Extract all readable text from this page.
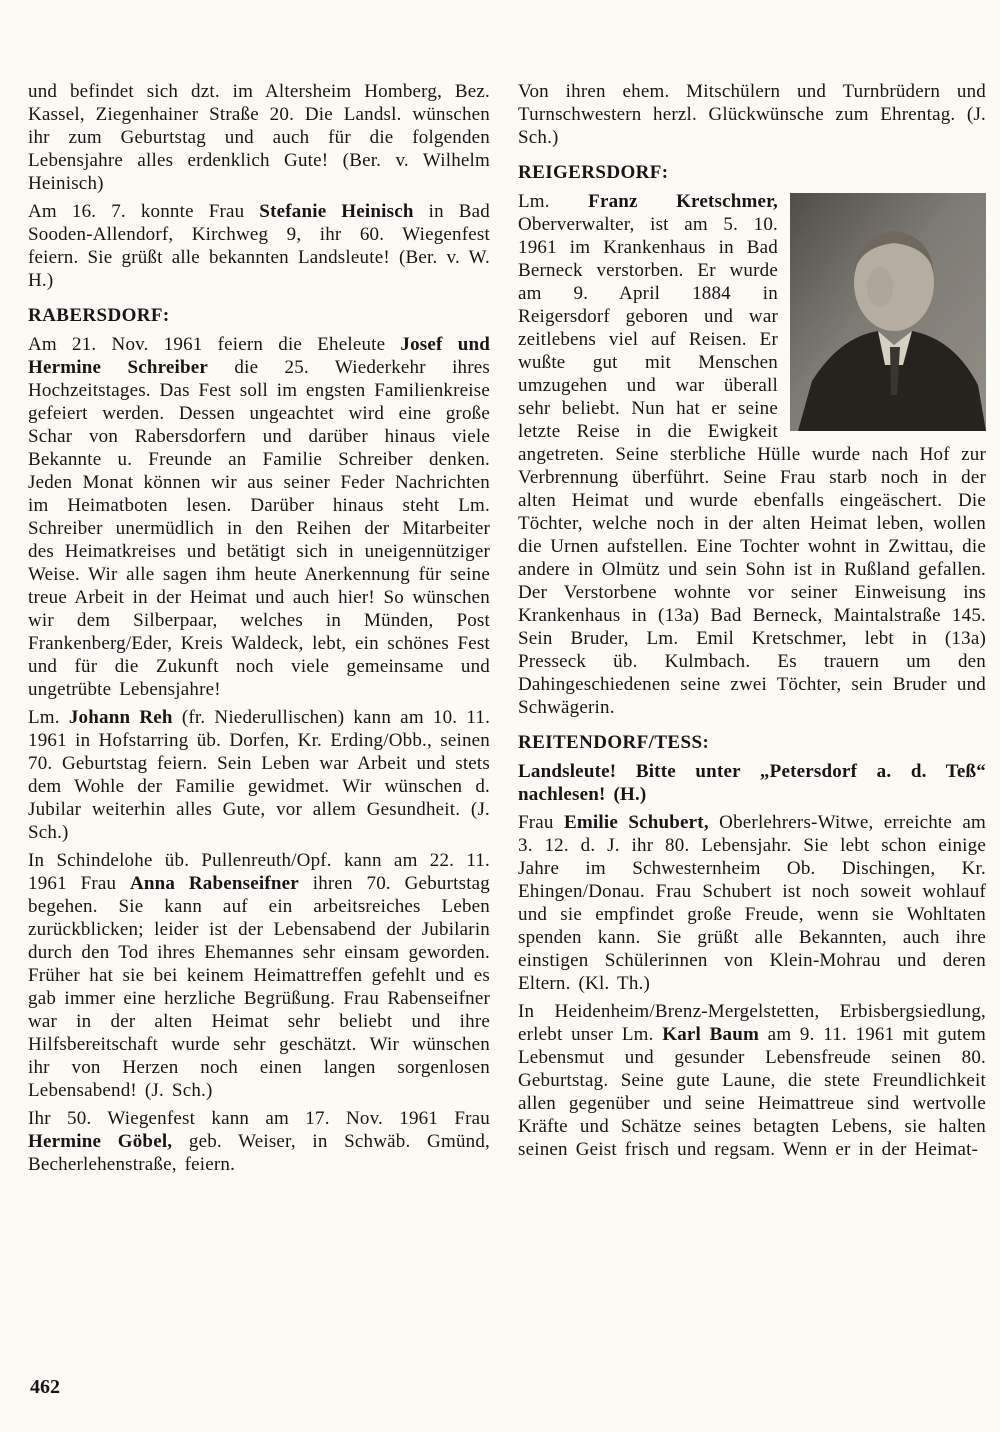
und befindet sich dzt. im Altersheim Homberg, Bez. Kassel, Ziegenhainer Straße 20. Die Landsl. wünschen ihr zum Geburtstag und auch für die folgenden Lebensjahre alles erdenklich Gute! (Ber. v. Wilhelm Heinisch)

Am 16. 7. konnte Frau Stefanie Heinisch in Bad Sooden-Allendorf, Kirchweg 9, ihr 60. Wiegenfest feiern. Sie grüßt alle bekannten Landsleute! (Ber. v. W. H.)

RABERSDORF:

Am 21. Nov. 1961 feiern die Eheleute Josef und Hermine Schreiber die 25. Wiederkehr ihres Hochzeitstages. Das Fest soll im engsten Familienkreise gefeiert werden. Dessen ungeachtet wird eine große Schar von Rabersdorfern und darüber hinaus viele Bekannte u. Freunde an Familie Schreiber denken. Jeden Monat können wir aus seiner Feder Nachrichten im Heimatboten lesen. Darüber hinaus steht Lm. Schreiber unermüdlich in den Reihen der Mitarbeiter des Heimatkreises und betätigt sich in uneigennütziger Weise. Wir alle sagen ihm heute Anerkennung für seine treue Arbeit in der Heimat und auch hier! So wünschen wir dem Silberpaar, welches in Münden, Post Frankenberg/Eder, Kreis Waldeck, lebt, ein schönes Fest und für die Zukunft noch viele gemeinsame und ungetrübte Lebensjahre!

Lm. Johann Reh (fr. Niederullischen) kann am 10. 11. 1961 in Hofstarring üb. Dorfen, Kr. Erding/Obb., seinen 70. Geburtstag feiern. Sein Leben war Arbeit und stets dem Wohle der Familie gewidmet. Wir wünschen d. Jubilar weiterhin alles Gute, vor allem Gesundheit. (J. Sch.)

In Schindelohe üb. Pullenreuth/Opf. kann am 22. 11. 1961 Frau Anna Rabenseifner ihren 70. Geburtstag begehen. Sie kann auf ein arbeitsreiches Leben zurückblicken; leider ist der Lebensabend der Jubilarin durch den Tod ihres Ehemannes sehr einsam geworden. Früher hat sie bei keinem Heimattreffen gefehlt und es gab immer eine herzliche Begrüßung. Frau Rabenseifner war in der alten Heimat sehr beliebt und ihre Hilfsbereitschaft wurde sehr geschätzt. Wir wünschen ihr von Herzen noch einen langen sorgenlosen Lebensabend! (J. Sch.)

Ihr 50. Wiegenfest kann am 17. Nov. 1961 Frau Hermine Göbel, geb. Weiser, in Schwäb. Gmünd, Becherlehenstraße, feiern.

Von ihren ehem. Mitschülern und Turnbrüdern und Turnschwestern herzl. Glückwünsche zum Ehrentag. (J. Sch.)

REIGERSDORF:

Lm. Franz Kretschmer, Oberverwalter, ist am 5. 10. 1961 im Krankenhaus in Bad Berneck verstorben. Er wurde am 9. April 1884 in Reigersdorf geboren und war zeitlebens viel auf Reisen. Er wußte gut mit Menschen umzugehen und war überall sehr beliebt. Nun hat er seine letzte Reise in die Ewigkeit angetreten. Seine sterbliche Hülle wurde nach Hof zur Verbrennung überführt. Seine Frau starb noch in der alten Heimat und wurde ebenfalls eingeäschert. Die Töchter, welche noch in der alten Heimat leben, wollen die Urnen aufstellen. Eine Tochter wohnt in Zwittau, die andere in Olmütz und sein Sohn ist in Rußland gefallen. Der Verstorbene wohnte vor seiner Einweisung ins Krankenhaus in (13a) Bad Berneck, Maintalstraße 145. Sein Bruder, Lm. Emil Kretschmer, lebt in (13a) Presseck üb. Kulmbach. Es trauern um den Dahingeschiedenen seine zwei Töchter, sein Bruder und Schwägerin.

REITENDORF/TESS:

Landsleute! Bitte unter „Petersdorf a. d. Teß“ nachlesen! (H.)

Frau Emilie Schubert, Oberlehrers-Witwe, erreichte am 3. 12. d. J. ihr 80. Lebensjahr. Sie lebt schon einige Jahre im Schwesternheim Ob. Dischingen, Kr. Ehingen/Donau. Frau Schubert ist noch soweit wohlauf und sie empfindet große Freude, wenn sie Wohltaten spenden kann. Sie grüßt alle Bekannten, auch ihre einstigen Schülerinnen von Klein-Mohrau und deren Eltern. (Kl. Th.)

In Heidenheim/Brenz-Mergelstetten, Erbisbergsiedlung, erlebt unser Lm. Karl Baum am 9. 11. 1961 mit gutem Lebensmut und gesunder Lebensfreude seinen 80. Geburtstag. Seine gute Laune, die stete Freundlichkeit allen gegenüber und seine Heimattreue sind wertvolle Kräfte und Schätze seines betagten Lebens, sie halten seinen Geist frisch und regsam. Wenn er in der Heimat-

462
